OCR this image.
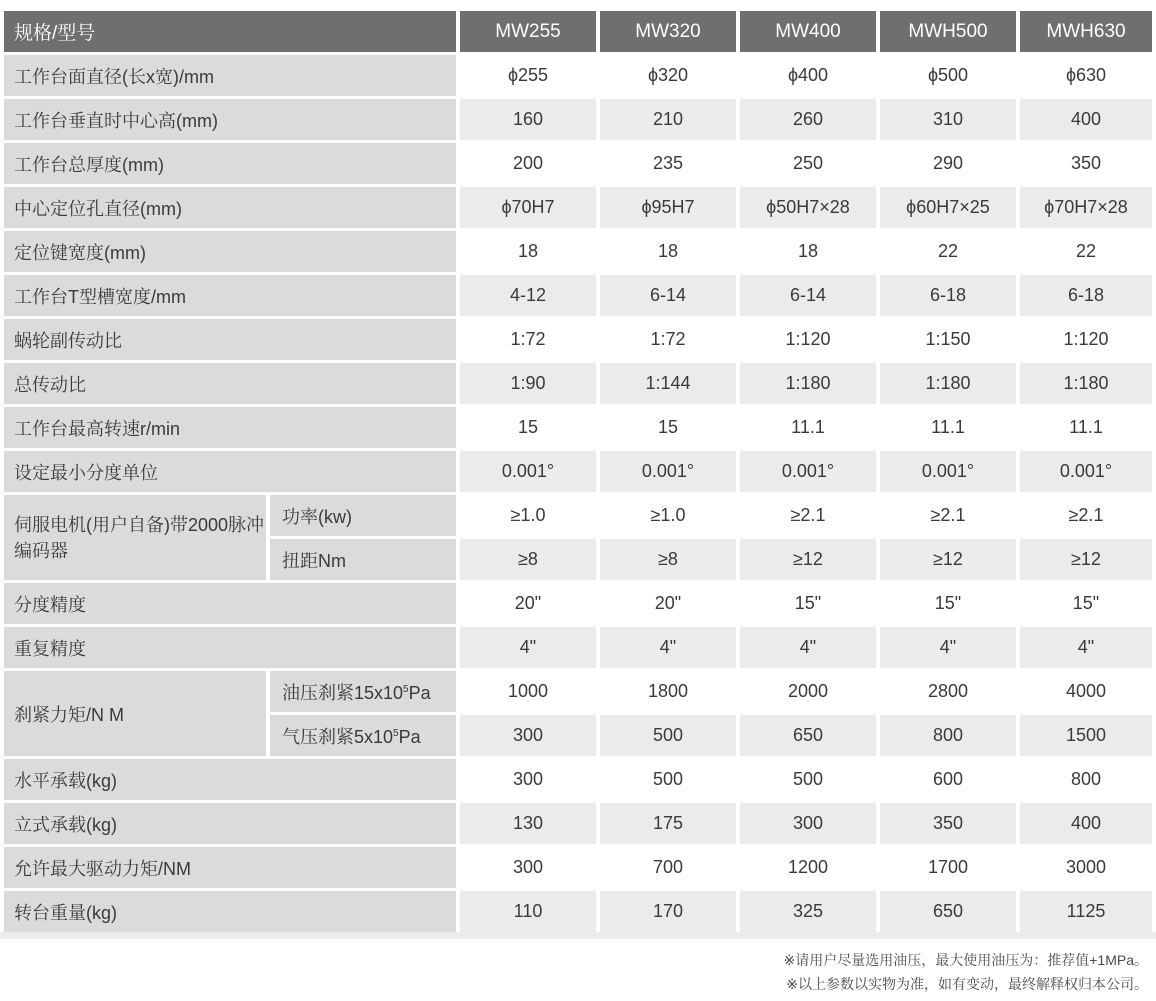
规格/型号		MW255	MW320	MW400	MWH500	MWH630
工作台面直径(长x宽)/mm		ϕ255	ϕ320	ϕ400	ϕ500	ϕ630
工作台垂直时中心高(mm)		160	210	260	310	400
工作台总厚度(mm)		200	235	250	290	350
中心定位孔直径(mm)		ϕ70H7	ϕ95H7	ϕ50H7×28	ϕ60H7×25	ϕ70H7×28
定位键宽度(mm)		18	18	18	22	22
工作台T型槽宽度/mm		4-12	6-14	6-14	6-18	6-18
蜗轮副传动比		1:72	1:72	1:120	1:150	1:120
总传动比		1:90	1:144	1:180	1:180	1:180
工作台最高转速r/min		15	15	11.1	11.1	11.1
设定最小分度单位		0.001°	0.001°	0.001°	0.001°	0.001°
伺服电机(用户自备)带2000脉冲编码器	功率(kw)	≥1.0	≥1.0	≥2.1	≥2.1	≥2.1
	扭距Nm	≥8	≥8	≥12	≥12	≥12
分度精度		20"	20"	15"	15"	15"
重复精度		4"	4"	4"	4"	4"
刹紧力矩/N M	油压刹紧$15x10^5Pa$	1000	1800	2000	2800	4000
	气压刹紧$5x10^5Pa$	300	500	650	800	1500
水平承载(kg)		300	500	500	600	800
立式承载(kg)		130	175	300	350	400
允许最大驱动力矩/NM		300	700	1200	1700	3000
转台重量(kg)		110	170	325	650	1125
※请用户尽量选用油压，最大使用油压为：推荐值+1MPa。
※以上参数以实物为准，如有变动，最终解释权归本公司。
